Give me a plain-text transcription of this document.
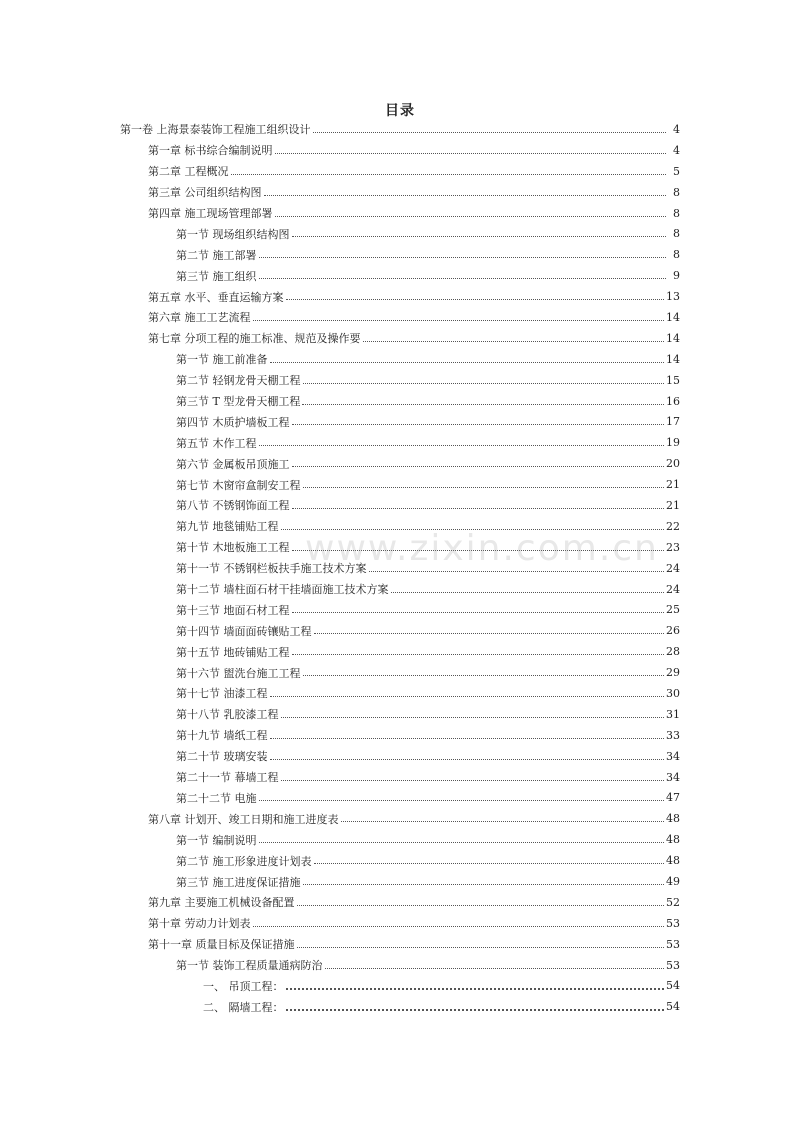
目录
第一卷 上海景泰装饰工程施工组织设计	4
第一章 标书综合编制说明	4
第二章 工程概况	5
第三章 公司组织结构图	8
第四章 施工现场管理部署	8
第一节 现场组织结构图	8
第二节 施工部署	8
第三节 施工组织	9
第五章 水平、垂直运输方案	13
第六章 施工工艺流程	14
第七章 分项工程的施工标准、规范及操作要	14
第一节 施工前准备	14
第二节 轻钢龙骨天棚工程	15
第三节 T 型龙骨天棚工程	16
第四节 木质护墙板工程	17
第五节 木作工程	19
第六节 金属板吊顶施工	20
第七节 木窗帘盒制安工程	21
第八节 不锈钢饰面工程	21
第九节 地毯铺贴工程	22
第十节 木地板施工工程	23
第十一节 不锈钢栏板扶手施工技术方案	24
第十二节 墙柱面石材干挂墙面施工技术方案	24
第十三节 地面石材工程	25
第十四节 墙面面砖镶贴工程	26
第十五节 地砖铺贴工程	28
第十六节 盥洗台施工工程	29
第十七节 油漆工程	30
第十八节 乳胶漆工程	31
第十九节 墙纸工程	33
第二十节 玻璃安装	34
第二十一节 幕墙工程	34
第二十二节 电施	47
第八章 计划开、竣工日期和施工进度表	48
第一节 编制说明	48
第二节 施工形象进度计划表	48
第三节 施工进度保证措施	49
第九章 主要施工机械设备配置	52
第十章 劳动力计划表	53
第十一章 质量目标及保证措施	53
第一节 装饰工程质量通病防治	53
一、 吊顶工程：	54
二、 隔墙工程：	54
www.zixin.com.cn
